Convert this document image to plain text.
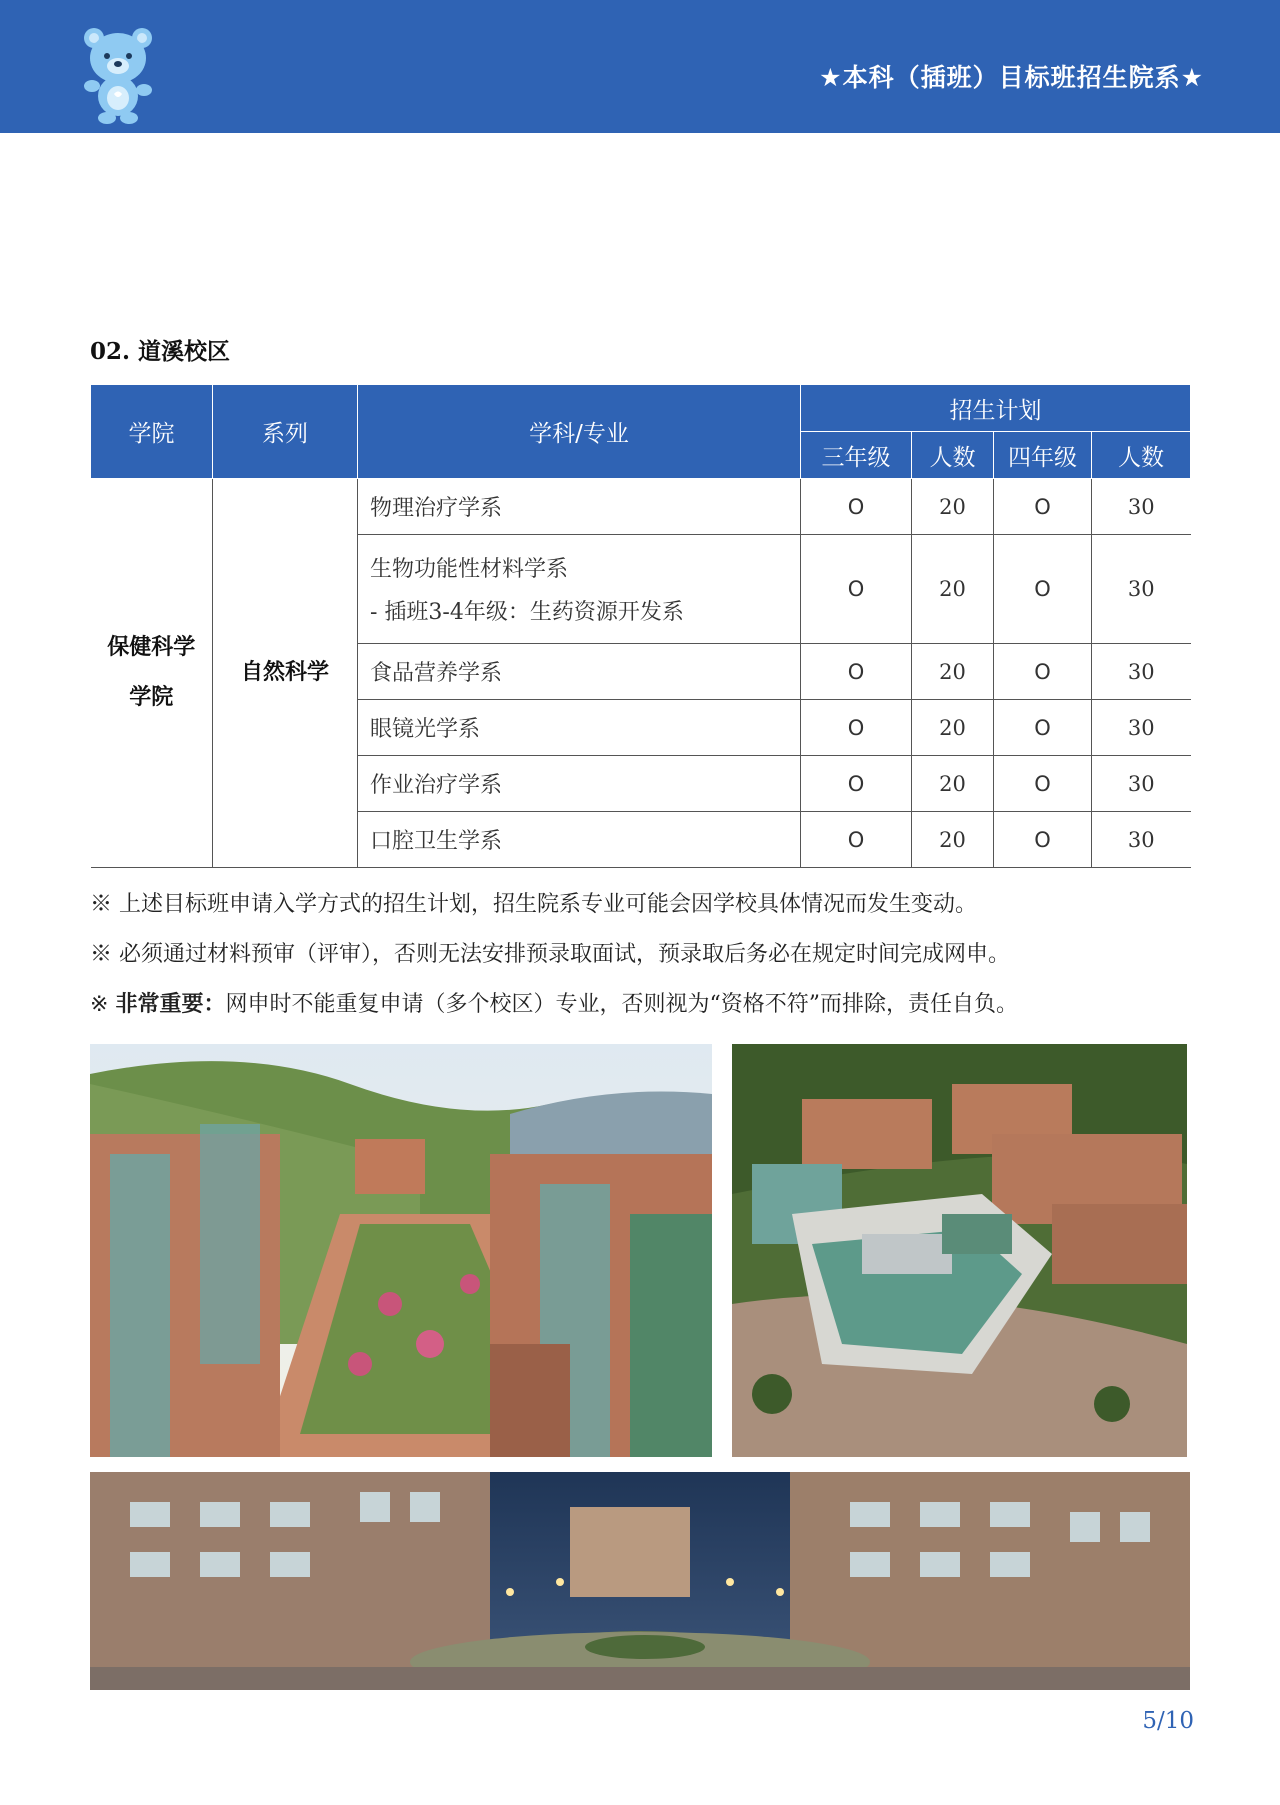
★本科（插班）目标班招生院系★
02. 道溪校区
学院	系列	学科/专业	招生计划			
			三年级	人数	四年级	人数
保健科学学院	自然科学	物理治疗学系	O	20	O	30
		生物功能性材料学系
- 插班3-4年级：生药资源开发系	O	20	O	30
		食品营养学系	O	20	O	30
		眼镜光学系	O	20	O	30
		作业治疗学系	O	20	O	30
		口腔卫生学系	O	20	O	30

※ 上述目标班申请入学方式的招生计划，招生院系专业可能会因学校具体情况而发生变动。

※ 必须通过材料预审（评审），否则无法安排预录取面试，预录取后务必在规定时间完成网申。

※ 非常重要：网申时不能重复申请（多个校区）专业，否则视为“资格不符”而排除，责任自负。

5/10
